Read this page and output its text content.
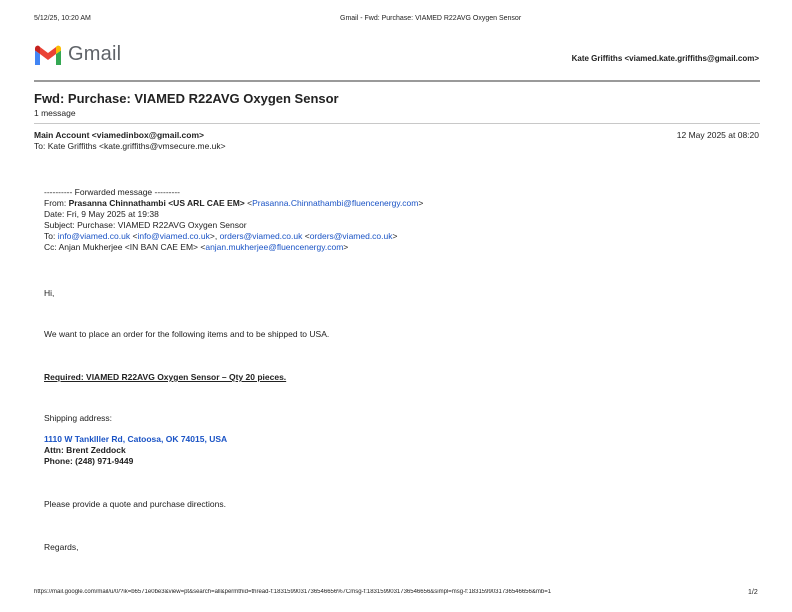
5/12/25, 10:20 AM	Gmail - Fwd: Purchase: VIAMED R22AVG Oxygen Sensor
Gmail	Kate Griffiths <viamed.kate.griffiths@gmail.com>
Fwd: Purchase: VIAMED R22AVG Oxygen Sensor
1 message
Main Account <viamedinbox@gmail.com>	12 May 2025 at 08:20
To: Kate Griffiths <kate.griffiths@vmsecure.me.uk>
---------- Forwarded message ---------
From: Prasanna Chinnathambi <US ARL CAE EM> <Prasanna.Chinnathambi@fluencenergy.com>
Date: Fri, 9 May 2025 at 19:38
Subject: Purchase: VIAMED R22AVG Oxygen Sensor
To: info@viamed.co.uk <info@viamed.co.uk>, orders@viamed.co.uk <orders@viamed.co.uk>
Cc: Anjan Mukherjee <IN BAN CAE EM> <anjan.mukherjee@fluencenergy.com>
Hi,
We want to place an order for the following items and to be shipped to USA.
Required: VIAMED R22AVG Oxygen Sensor – Qty 20 pieces.
Shipping address:
1110 W Tanklller Rd, Catoosa, OK 74015, USA
Attn: Brent Zeddock
Phone: (248) 971-9449
Please provide a quote and purchase directions.
Regards,
https://mail.google.com/mail/u/0/?ik=b6571e0be3&view=pt&search=all&permthid=thread-f:1831599031736546656%7Cmsg-f:1831599031736546656&simpl=msg-f:1831599031736546656&mb=1	1/2
